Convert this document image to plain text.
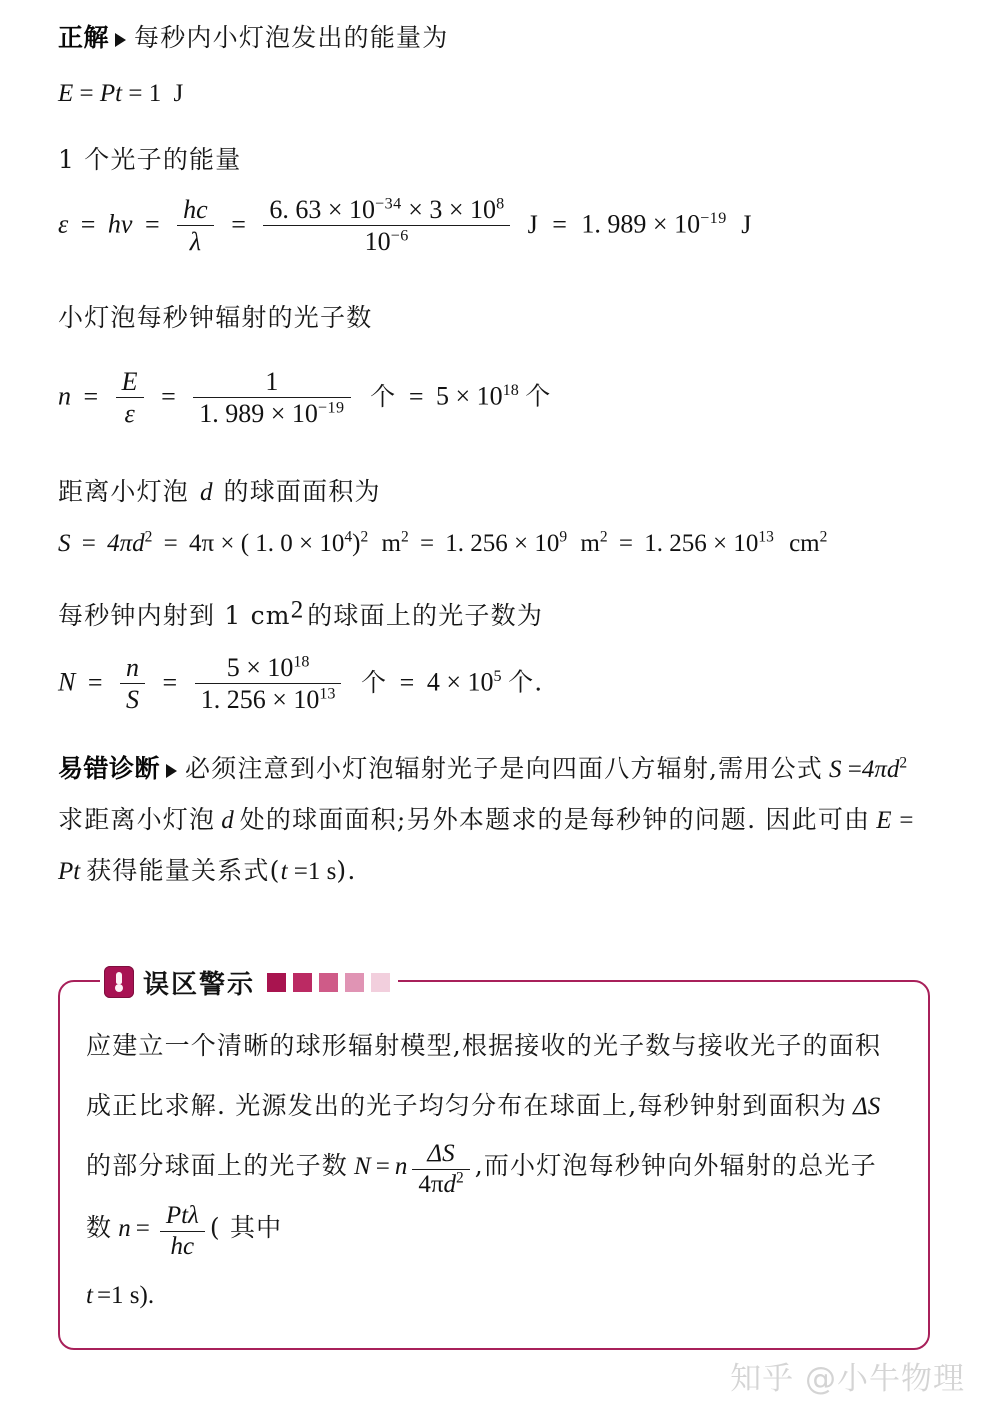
正解 每秒内小灯泡发出的能量为
E = Pt = 1 J
1 个光子的能量
$\varepsilon = h\nu = \frac{hc}{\lambda} = \frac{6. 63 \times 10^{-34} \times 3 \times 10^8}{10^{-6}}$ J = 1. $989 \times 10^{-19}$ J
小灯泡每秒钟辐射的光子数
$n = \frac{E}{\varepsilon} = \frac{1}{1. 989 \times 10^{-19}}$ 个 = $5 \times 10^{18}$ 个
距离小灯泡 d 的球面面积为
$S = 4\pi d^2 = 4\pi$ × ( 1. $0 \times 10^4)^2$ $m^2 = 1$. $256 \times 10^9$ $m^2 = 1$. $256 \times 10^{13}$ $cm^2$
每秒钟内射到 1 $cm^2$ 的球面上的光子数为
$N = \frac{n}{S} = \frac{5 \times 10^{18}}{1. 256 \times 10^{13}}$ 个 = $4 \times 10^5$ 个.
易错诊断 必须注意到小灯泡辐射光子是向四面八方辐射,需用公式 $S =4\pi d^2$求距离小灯泡 d 处的球面面积;另外本题求的是每秒钟的问题. 因此可由 E = Pt 获得能量关系式(t =1 s).
误区警示
应建立一个清晰的球形辐射模型,根据接收的光子数与接收光子的面积成正比求解. 光源发出的光子均匀分布在球面上,每秒钟射到面积为 ΔS的部分球面上的光子数 N = n $\frac{\Delta S}{4\pi d^2}$ ,而小灯泡每秒钟向外辐射的总光子数 $n = \frac{\text{Ptλ}}{hc}$ ( 其中
t =1 s).
知乎 @小牛物理
